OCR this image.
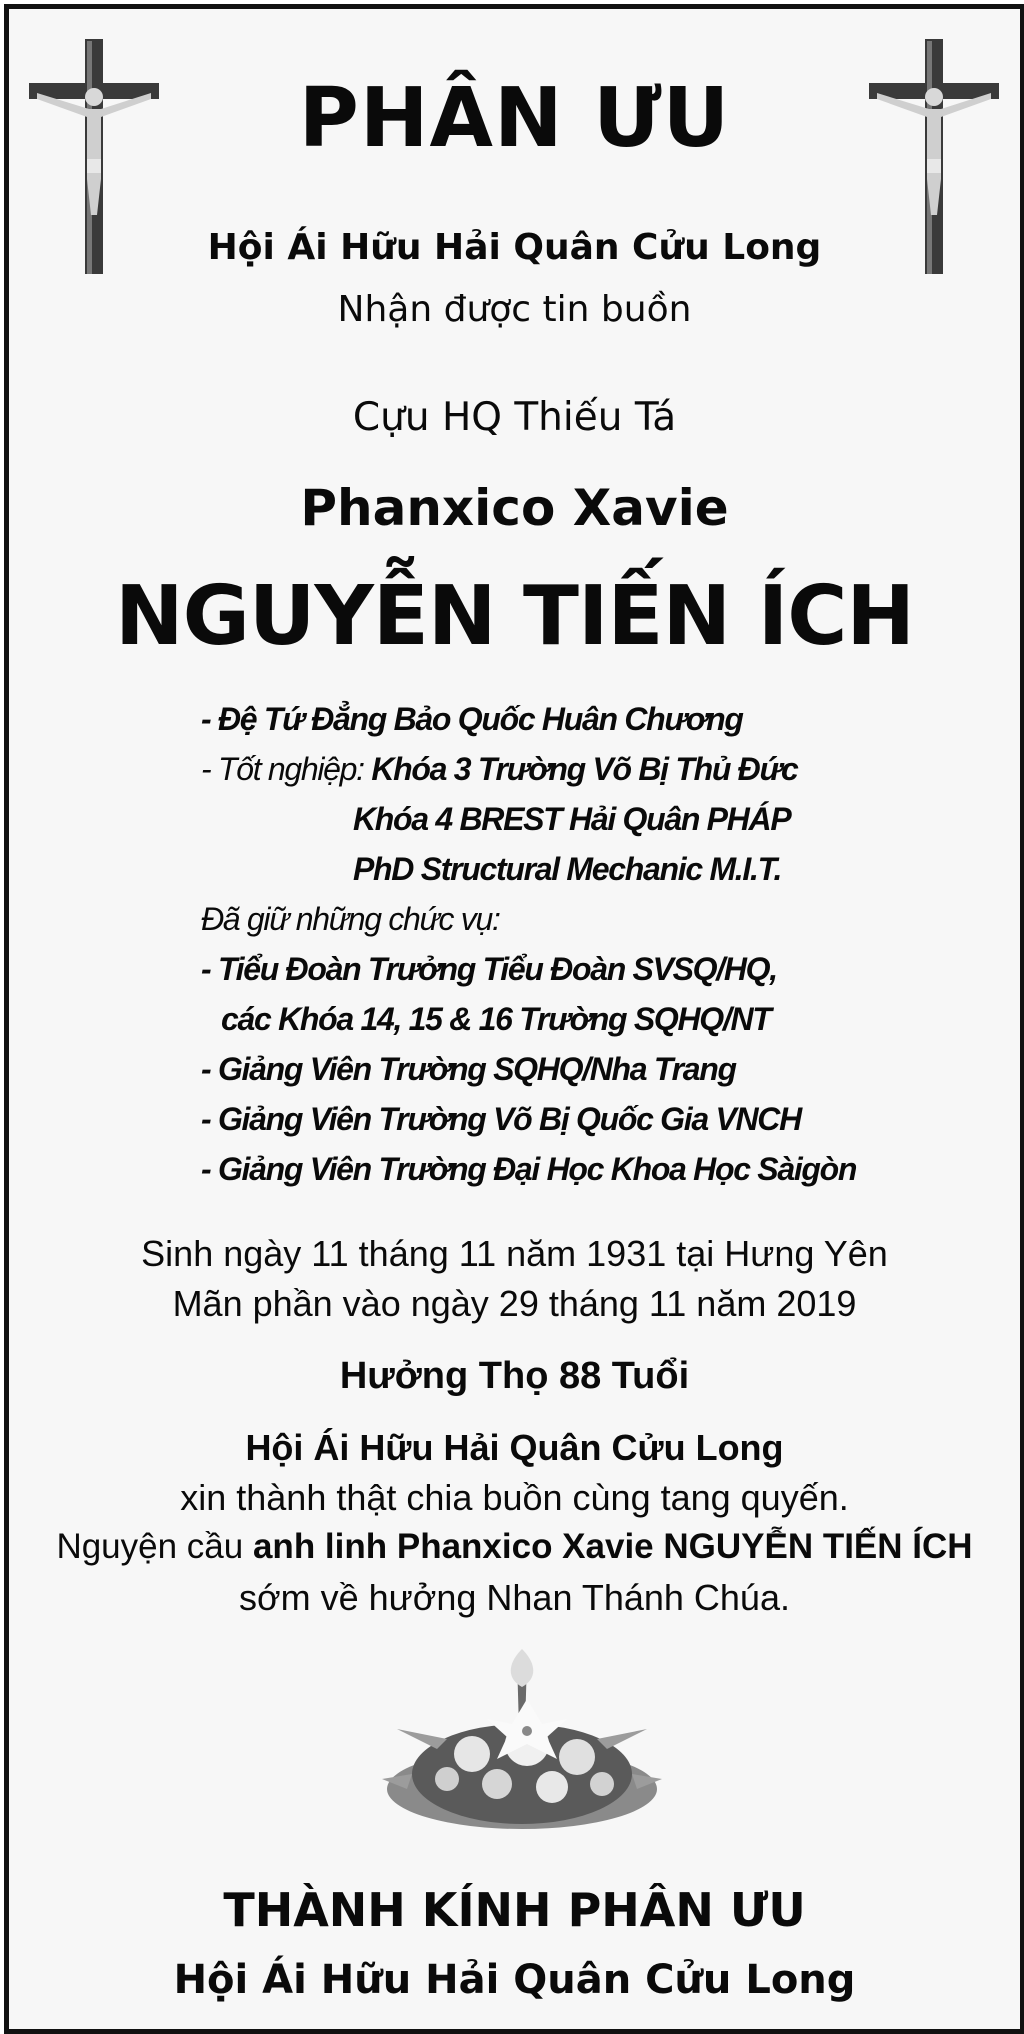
PHÂN ƯU
Hội Ái Hữu Hải Quân Cửu Long
Nhận được tin buồn
Cựu HQ Thiếu Tá
Phanxico Xavie
NGUYỄN TIẾN ÍCH
- Đệ Tứ Đẳng Bảo Quốc Huân Chương
- Tốt nghiệp: Khóa 3 Trường Võ Bị Thủ Đức
Khóa 4 BREST Hải Quân PHÁP
PhD Structural Mechanic M.I.T.
Đã giữ những chức vụ:
- Tiểu Đoàn Trưởng Tiểu Đoàn SVSQ/HQ,
các Khóa 14, 15 & 16 Trường SQHQ/NT
- Giảng Viên Trường SQHQ/Nha Trang
- Giảng Viên Trường Võ Bị Quốc Gia VNCH
- Giảng Viên Trường Đại Học Khoa Học Sàigòn
Sinh ngày 11 tháng 11 năm 1931 tại Hưng Yên
Mãn phần vào ngày 29 tháng 11 năm 2019
Hưởng Thọ 88 Tuổi
Hội Ái Hữu Hải Quân Cửu Long
xin thành thật chia buồn cùng tang quyến.
Nguyện cầu anh linh Phanxico Xavie NGUYỄN TIẾN ÍCH
sớm về hưởng Nhan Thánh Chúa.
THÀNH KÍNH PHÂN ƯU
Hội Ái Hữu Hải Quân Cửu Long
